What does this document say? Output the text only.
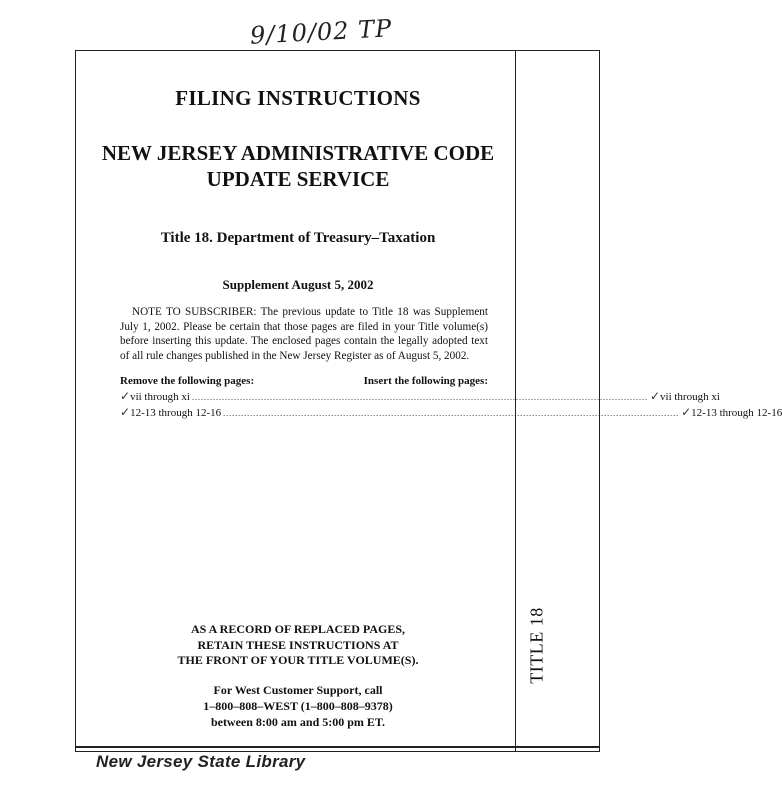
9/10/02 TP
TITLE 18
FILING INSTRUCTIONS
NEW JERSEY ADMINISTRATIVE CODE
UPDATE SERVICE
Title 18. Department of Treasury–Taxation
Supplement August 5, 2002

NOTE TO SUBSCRIBER: The previous update to Title 18 was Supplement July 1, 2002. Please be certain that those pages are filed in your Title volume(s) before inserting this update. The enclosed pages contain the legally adopted text of all rule changes published in the New Jersey Register as of August 5, 2002.

Remove the following pages:	Insert the following pages:
✓ vii through xi ........................................................................................................................................................ ✓ vii through xi
✓ 12-13 through 12-16 ........................................................................................................................................................ ✓ 12-13 through 12-16
AS A RECORD OF REPLACED PAGES,
RETAIN THESE INSTRUCTIONS AT
THE FRONT OF YOUR TITLE VOLUME(S).
For West Customer Support, call
1–800–808–WEST (1–800–808–9378)
between 8:00 am and 5:00 pm ET.
New Jersey State Library
